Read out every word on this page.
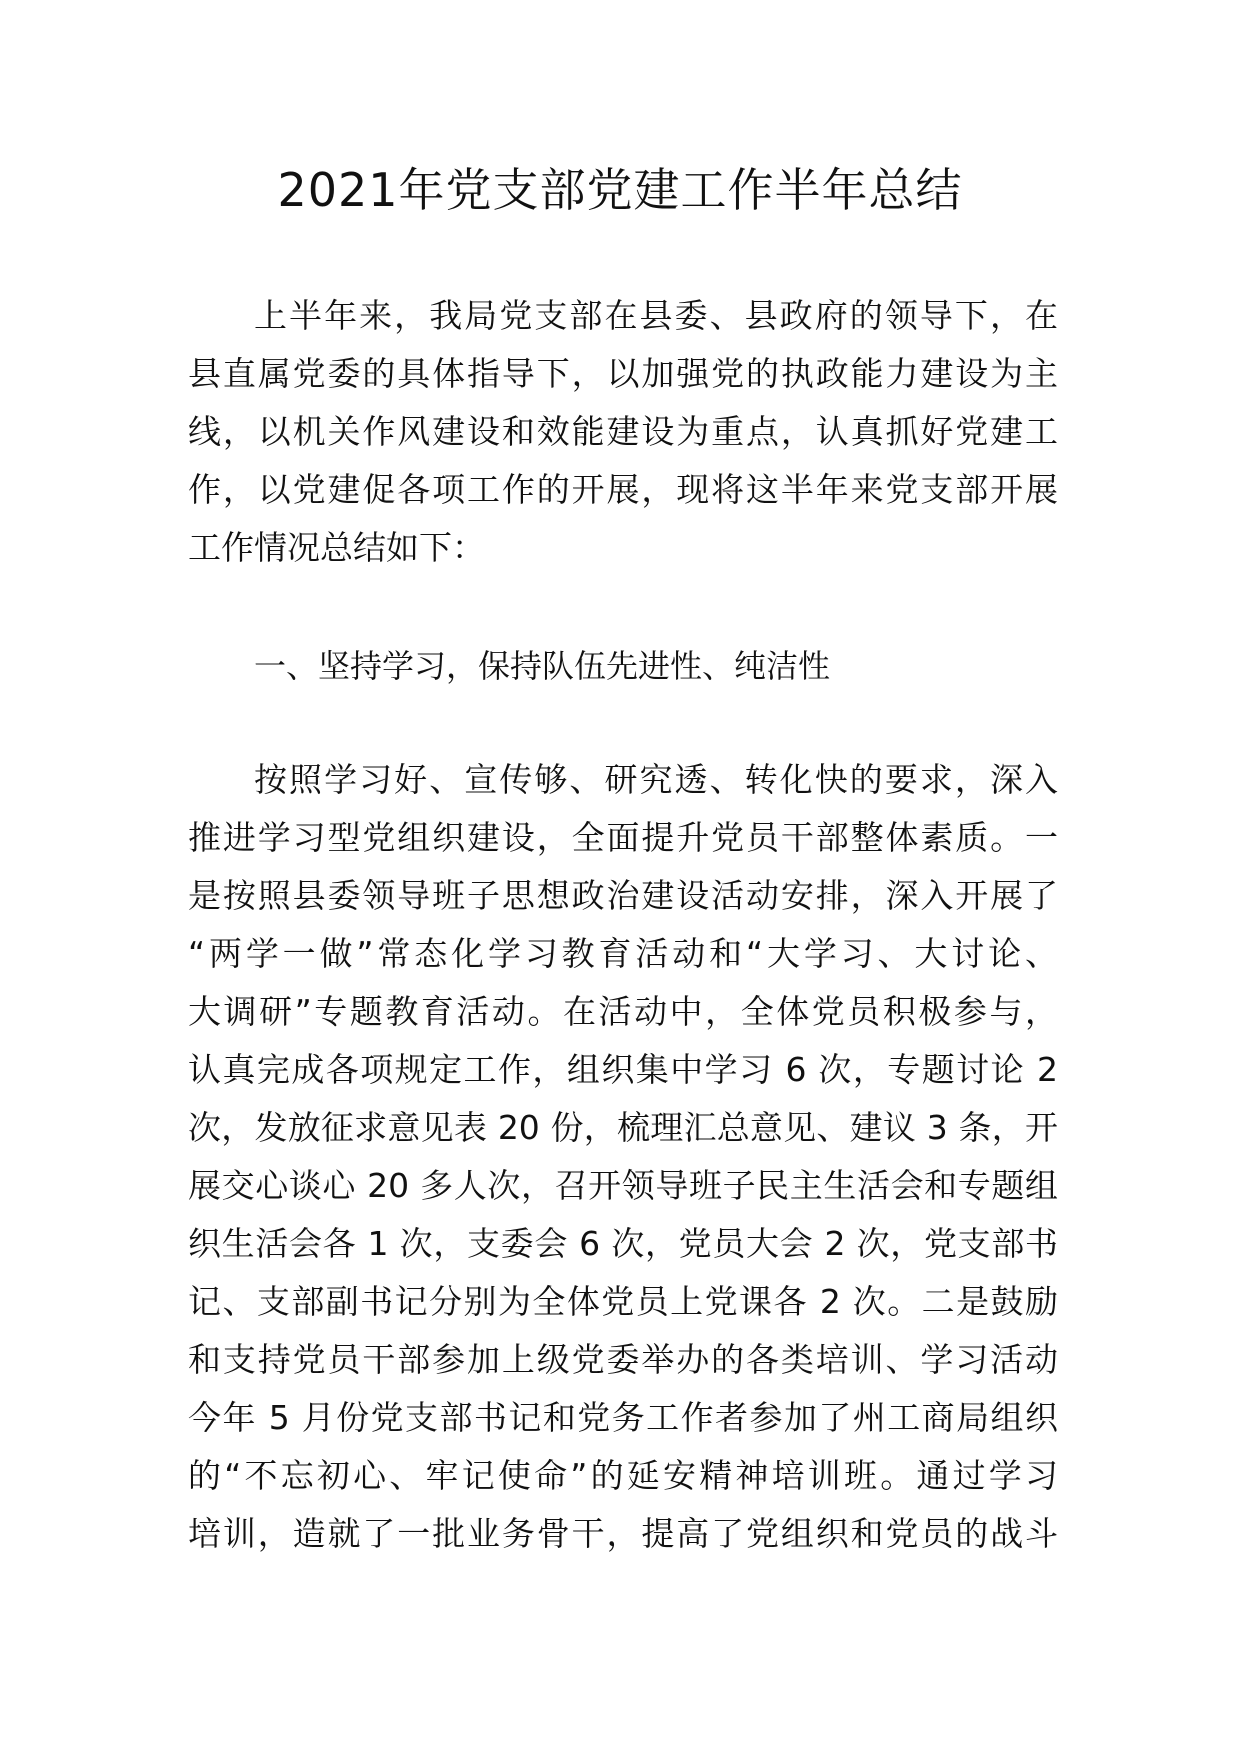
2021年党支部党建工作半年总结

上半年来，我局党支部在县委、县政府的领导下，在

县直属党委的具体指导下，以加强党的执政能力建设为主

线，以机关作风建设和效能建设为重点，认真抓好党建工

作，以党建促各项工作的开展，现将这半年来党支部开展

工作情况总结如下：

一、坚持学习，保持队伍先进性、纯洁性

按照学习好、宣传够、研究透、转化快的要求，深入

推进学习型党组织建设，全面提升党员干部整体素质。一

是按照县委领导班子思想政治建设活动安排，深入开展了

“两学一做”常态化学习教育活动和“大学习、大讨论、

大调研”专题教育活动。在活动中，全体党员积极参与，

认真完成各项规定工作，组织集中学习 6 次，专题讨论 2

次，发放征求意见表 20 份，梳理汇总意见、建议 3 条，开

展交心谈心 20 多人次，召开领导班子民主生活会和专题组

织生活会各 1 次，支委会 6 次，党员大会 2 次，党支部书

记、支部副书记分别为全体党员上党课各 2 次。二是鼓励

和支持党员干部参加上级党委举办的各类培训、学习活动

今年 5 月份党支部书记和党务工作者参加了州工商局组织

的“不忘初心、牢记使命”的延安精神培训班。通过学习

培训，造就了一批业务骨干，提高了党组织和党员的战斗
